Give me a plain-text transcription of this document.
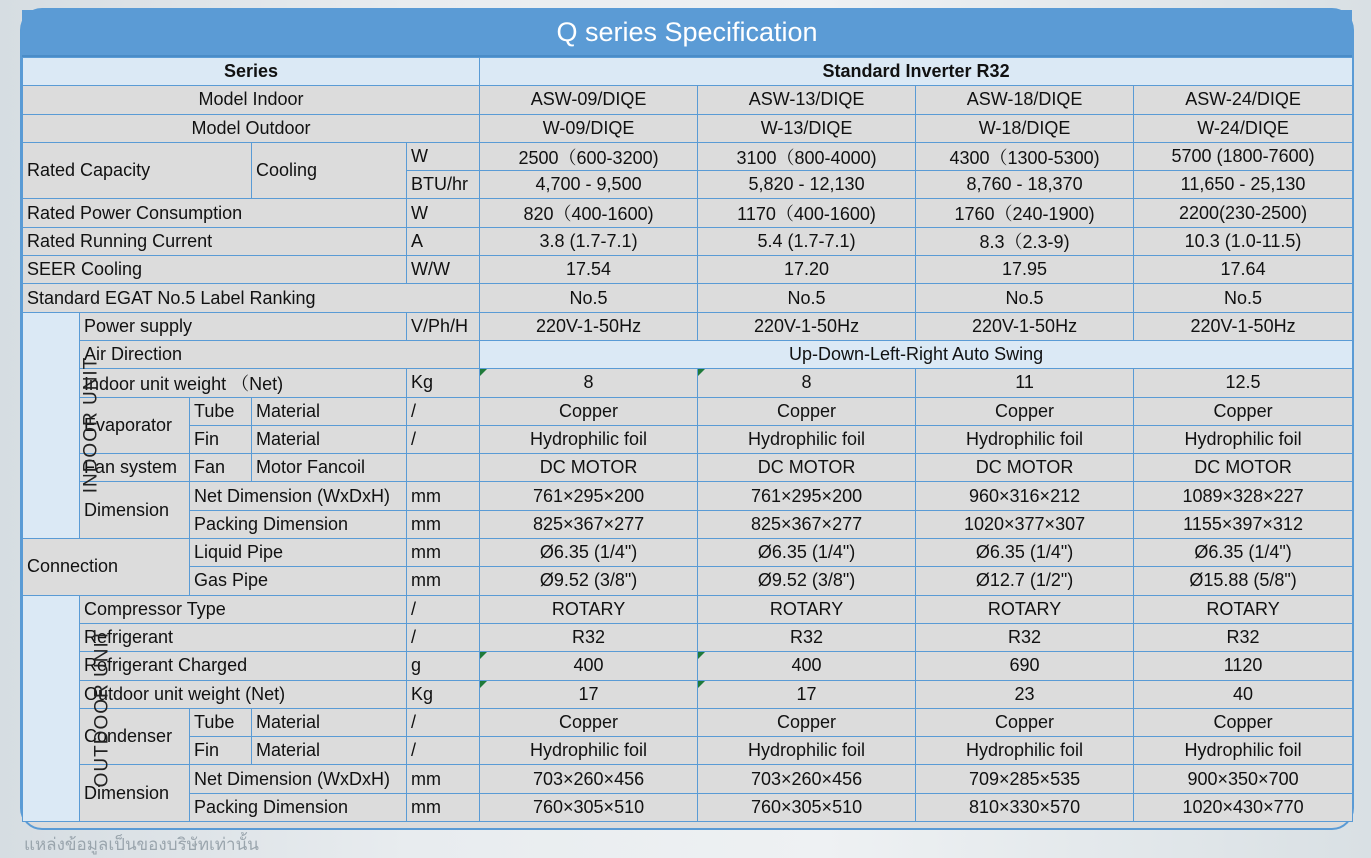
Q series Specification
Series					Standard Inverter R32			
Model Indoor					ASW-09/DIQE	ASW-13/DIQE	ASW-18/DIQE	ASW-24/DIQE
Model Outdoor					W-09/DIQE	W-13/DIQE	W-18/DIQE	W-24/DIQE
Rated Capacity			Cooling	W	2500（600-3200)	3100（800-4000)	4300（1300-5300)	5700 (1800-7600)
				BTU/hr	4,700 - 9,500	5,820 - 12,130	8,760 - 18,370	11,650 - 25,130
Rated Power Consumption				W	820（400-1600)	1170（400-1600)	1760（240-1900)	2200(230-2500)
Rated Running Current				A	3.8 (1.7-7.1)	5.4 (1.7-7.1)	8.3（2.3-9)	10.3 (1.0-11.5)
SEER Cooling				W/W	17.54	17.20	17.95	17.64
Standard EGAT No.5 Label Ranking					No.5	No.5	No.5	No.5
INDOOR UNIT	Power supply			V/Ph/H	220V-1-50Hz	220V-1-50Hz	220V-1-50Hz	220V-1-50Hz
	Air Direction				Up-Down-Left-Right Auto Swing			
	Indoor unit weight （Net)			Kg	8	8	11	12.5
	Evaporator	Tube	Material	/	Copper	Copper	Copper	Copper
		Fin	Material	/	Hydrophilic foil	Hydrophilic foil	Hydrophilic foil	Hydrophilic foil
	Fan system	Fan	Motor Fancoil		DC MOTOR	DC MOTOR	DC MOTOR	DC MOTOR
	Dimension	Net Dimension (WxDxH)		mm	761×295×200	761×295×200	960×316×212	1089×328×227
		Packing Dimension		mm	825×367×277	825×367×277	1020×377×307	1155×397×312
Connection		Liquid Pipe		mm	Ø6.35 (1/4")	Ø6.35 (1/4")	Ø6.35 (1/4")	Ø6.35 (1/4")
		Gas Pipe		mm	Ø9.52 (3/8")	Ø9.52 (3/8")	Ø12.7 (1/2")	Ø15.88 (5/8")
OUTDOOR UNIT	Compressor Type			/	ROTARY	ROTARY	ROTARY	ROTARY
	Refrigerant			/	R32	R32	R32	R32
	Refrigerant Charged			g	400	400	690	1120
	Outdoor unit weight (Net)			Kg	17	17	23	40
	Condenser	Tube	Material	/	Copper	Copper	Copper	Copper
		Fin	Material	/	Hydrophilic foil	Hydrophilic foil	Hydrophilic foil	Hydrophilic foil
	Dimension	Net Dimension (WxDxH)		mm	703×260×456	703×260×456	709×285×535	900×350×700
		Packing Dimension		mm	760×305×510	760×305×510	810×330×570	1020×430×770
แหล่งข้อมูลเป็นของบริษัทเท่านั้น
